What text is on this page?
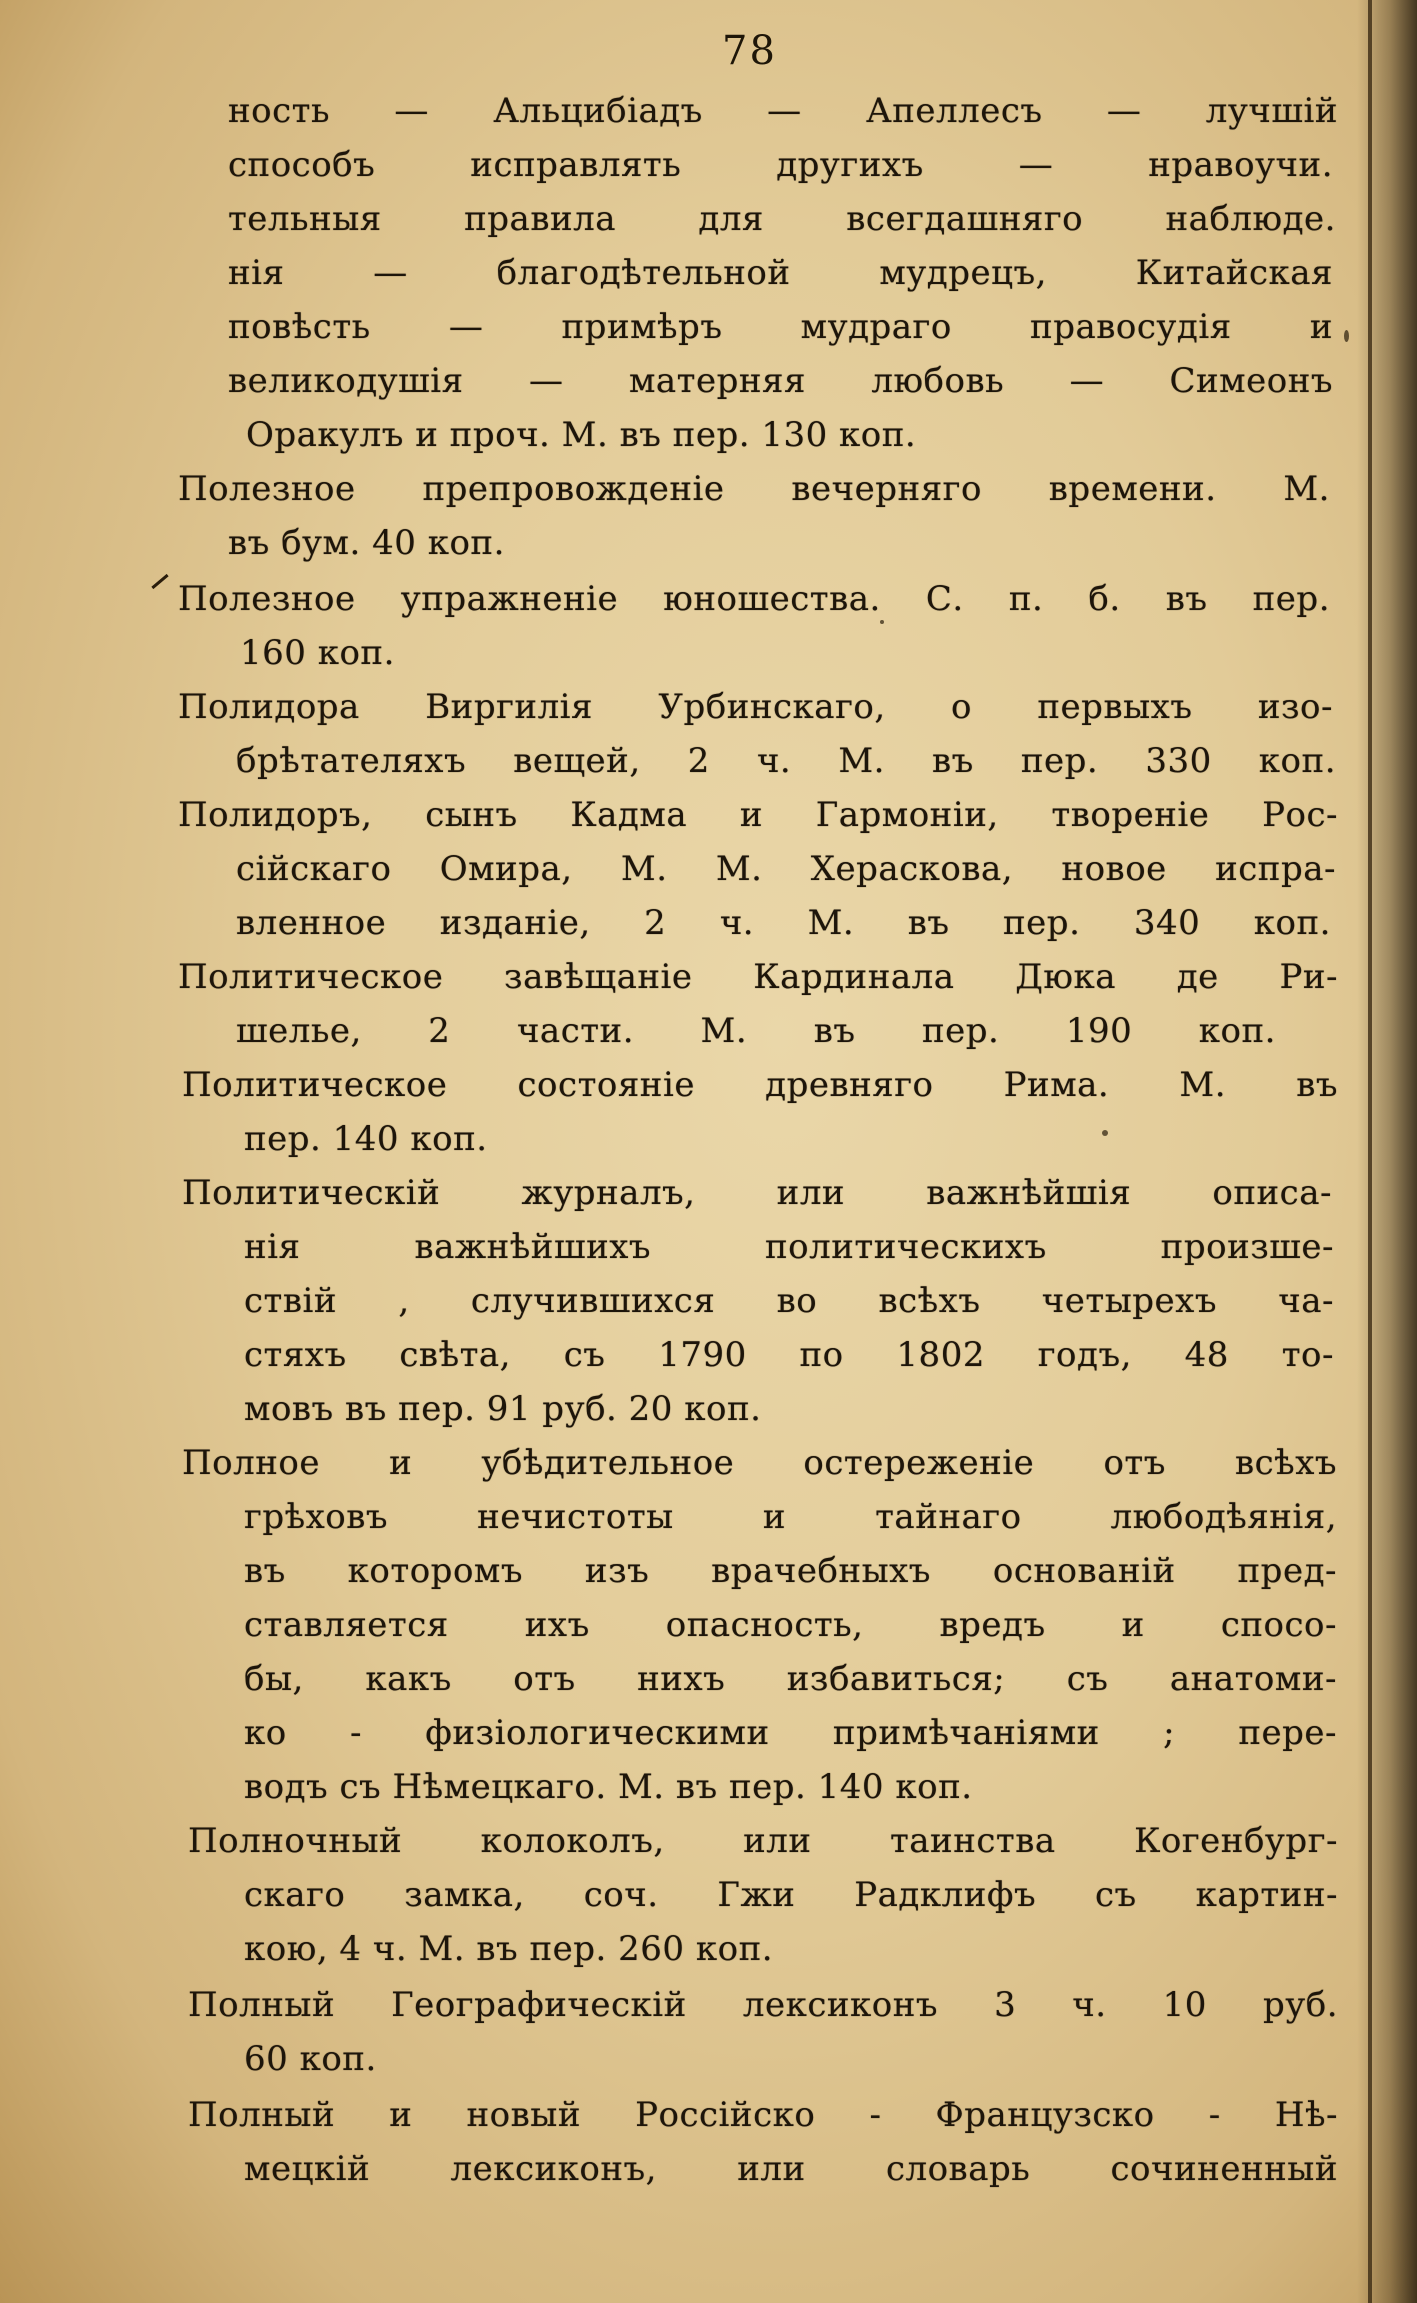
78
ность — Альцибіадъ — Апеллесъ — лучшій
способъ исправлять другихъ — нравоучи.
тельныя правила для всегдашняго наблюде.
нія — благодѣтельной мудрецъ, Китайская
повѣсть — примѣръ мудраго правосудія и
великодушія — матерняя любовь — Симеонъ
Оракулъ и проч. М. въ пер. 130 коп.
Полезное препровожденіе вечерняго времени. М.
въ бум. 40 коп.
Полезное упражненіе юношества. С. п. б. въ пер.
160 коп.
Полидора Виргилія Урбинскаго, о первыхъ изо-
брѣтателяхъ вещей, 2 ч. М. въ пер. 330 коп.
Полидоръ, сынъ Кадма и Гармоніи, твореніе Рос-
сійскаго Омира, М. М. Хераскова, новое испра-
вленное изданіе, 2 ч. М. въ пер. 340 коп.
Политическое завѣщаніе Кардинала Дюка де Ри-
шелье, 2 части. М. въ пер. 190 коп.
Политическое состояніе древняго Рима. М. въ
пер. 140 коп.
Политическій журналъ, или важнѣйшія описа-
нія важнѣйшихъ политическихъ произше-
ствій , случившихся во всѣхъ четырехъ ча-
стяхъ свѣта, съ 1790 по 1802 годъ, 48 то-
мовъ въ пер. 91 руб. 20 коп.
Полное и убѣдительное остереженіе отъ всѣхъ
грѣховъ нечистоты и тайнаго любодѣянія,
въ которомъ изъ врачебныхъ основаній пред-
ставляется ихъ опасность, вредъ и спосо-
бы, какъ отъ нихъ избавиться; съ анатоми-
ко - физіологическими примѣчаніями ; пере-
водъ съ Нѣмецкаго. М. въ пер. 140 коп.
Полночный колоколъ, или таинства Когенбург-
скаго замка, соч. Гжи Радклифъ съ картин-
кою, 4 ч. М. въ пер. 260 коп.
Полный Географическій лексиконъ 3 ч. 10 руб.
60 коп.
Полный и новый Россійско - Французско - Нѣ-
мецкій лексиконъ, или словарь сочиненный
